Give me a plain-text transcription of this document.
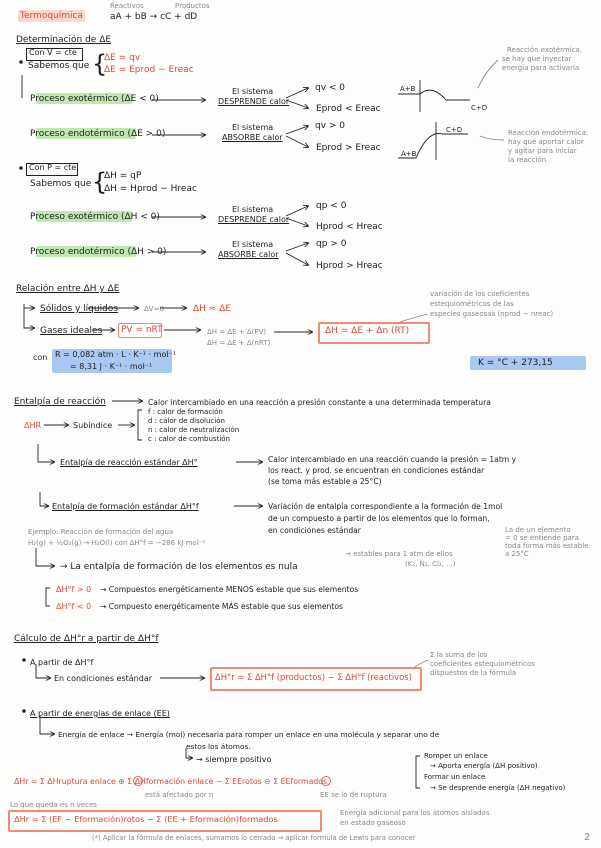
Termoquímica
Reactivos	Productos
aA + bB → cC + dD
Determinación de ΔE
Con V = cte
Sabemos que {
ΔE = qv
ΔE = Eprod − Ereac
Proceso exotérmico (ΔE < 0)
El sistema
DESPRENDE calor
qv < 0
Eprod < Ereac
Proceso endotérmico (ΔE > 0)
El sistema
ABSORBE calor
qv > 0
Eprod > Ereac
Reacción exotérmica,
se hay que inyectar
energía para activarla
Reacción endotérmica:
hay que aportar calor
y agitar para iniciar
la reacción
A+B
C+D
C+D
A+B
Con P = cte
Sabemos que {
ΔH = qP
ΔH = Hprod − Hreac
Proceso exotérmico (ΔH < 0)
El sistema
DESPRENDE calor
qp < 0
Hprod < Hreac
Proceso endotérmico (ΔH > 0)
El sistema
ABSORBE calor
qp > 0
Hprod > Hreac
Relación entre ΔH y ΔE
Sólidos y líquidos	ΔV≈0	ΔH ≈ ΔE
Gases ideales PV = nRT	ΔH = ΔE + Δ(PV)
ΔH = ΔE + Δ(nRT)
ΔH = ΔE + Δn (RT)
variación de los coeficientes
estequiométricos de las
especies gaseosas (nprod − nreac)
con R = 0,082 atm · L · K⁻¹ · mol⁻¹
= 8,31 J · K⁻¹ · mol⁻¹	K = °C + 273,15
Entalpía de reacción	Calor intercambiado en una reacción a presión constante a una determinada temperatura
ΔHR	Subíndice
f : calor de formación
d : calor de disolución
n : calor de neutralización
c : calor de combustión
Entalpía de reacción estándar ΔH°	Calor intercambiado en una reacción cuando la presión = 1atm y
los react. y prod. se encuentran en condiciones estándar
(se toma más estable a 25°C)
Entalpía de formación estándar ΔH°f	Variación de entalpía correspondiente a la formación de 1mol
de un compuesto a partir de los elementos que lo forman,
en condiciones estándar
Ejemplo: Reacción de formación del agua
H₂(g) + ½O₂(g) → H₂O(l) con ΔH°f = −286 kJ mol⁻¹
La de un elemento
= 0 se entiende para
toda forma más estable
a 25°C
→ estables para 1 atm de ellos
(K₂, N₂, Cl₂, ...)
→ La entalpía de formación de los elementos es nula
ΔH°f > 0 → Compuestos energéticamente MENOS estable que sus elementos
ΔH°f < 0 → Compuesto energéticamente MÁS estable que sus elementos
Cálculo de ΔH°r a partir de ΔH°f
A partir de ΔH°f
En condiciones estándar	ΔH°r = Σ ΔH°f (productos) − Σ ΔH°f (reactivos)
Σ la suma de los
coeficientes estequiométricos
dispuestos de la fórmula
A partir de energías de enlace (EE)
Energía de enlace → Energía (mol) necesaria para romper un enlace en una molécula y separar uno de
estos los átomos.
→ siempre positivo	Romper un enlace
→ Aporta energía (ΔH positivo)
Formar un enlace
→ Se desprende energía (ΔH negativo)
ΔHr = Σ ΔHruptura enlace ⊕ Σ ΔHformación enlace − Σ EErotos ⊖ Σ EEformados
está afectado por n	EE se lo de ruptura
Lo que queda es n veces
ΔHr = Σ (EF − Eformación)rotos − Σ (EE + Eformación)formados
Energía adicional para los átomos aislados
en estado gaseoso
(*) Aplicar la fórmula de enlaces, sumamos lo cerrado → aplicar formula de Lewis para conocer	2
